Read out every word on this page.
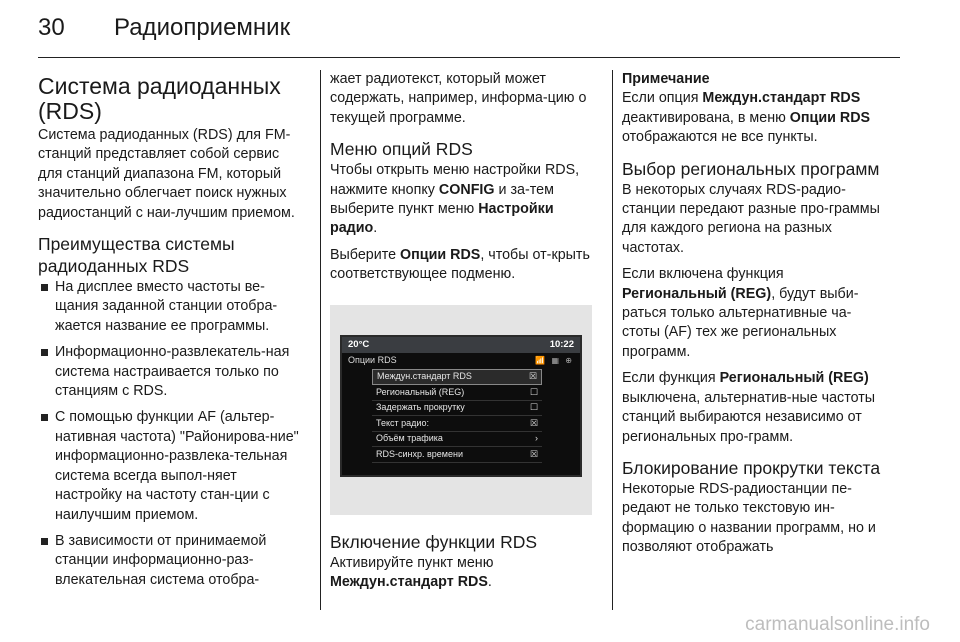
30	Радиоприемник
Система радиоданных (RDS)

Система радиоданных (RDS) для FM-станций представляет собой сервис для станций диапазона FM, который значительно облегчает поиск нужных радиостанций с наи-лучшим приемом.

Преимущества системы радиоданных RDS
На дисплее вместо частоты ве-щания заданной станции отобра-жается название ее программы.
Информационно-развлекатель-ная система настраивается только по станциям с RDS.
С помощью функции AF (альтер-нативная частота) "Районирова-ние" информационно-развлека-тельная система всегда выпол-няет настройку на частоту стан-ции с наилучшим приемом.
В зависимости от принимаемой станции информационно-раз-влекательная система отобра-

жает радиотекст, который может содержать, например, информа-цию о текущей программе.

Меню опций RDS

Чтобы открыть меню настройки RDS, нажмите кнопку CONFIG и за-тем выберите пункт меню Настройки радио.

Выберите Опции RDS, чтобы от-крыть соответствующее подменю.

20°C	10:22
Опции RDS	📶 ▦ ⊕
Междун.стандарт RDS	☒
Региональный (REG)	☐
Задержать прокрутку	☐
Текст радио:	☒
Объём трафика	›
RDS-синхр. времени	☒
Включение функции RDS

Активируйте пункт меню Междун.стандарт RDS.

Примечание

Если опция Междун.стандарт RDS деактивирована, в меню Опции RDS отображаются не все пункты.

Выбор региональных программ

В некоторых случаях RDS-радио-станции передают разные про-граммы для каждого региона на разных частотах.

Если включена функция Региональный (REG), будут выби-раться только альтернативные ча-стоты (AF) тех же региональных программ.

Если функция Региональный (REG) выключена, альтернатив-ные частоты станций выбираются независимо от региональных про-грамм.

Блокирование прокрутки текста

Некоторые RDS-радиостанции пе-редают не только текстовую ин-формацию о названии программ, но и позволяют отображать

carmanualsonline.info
